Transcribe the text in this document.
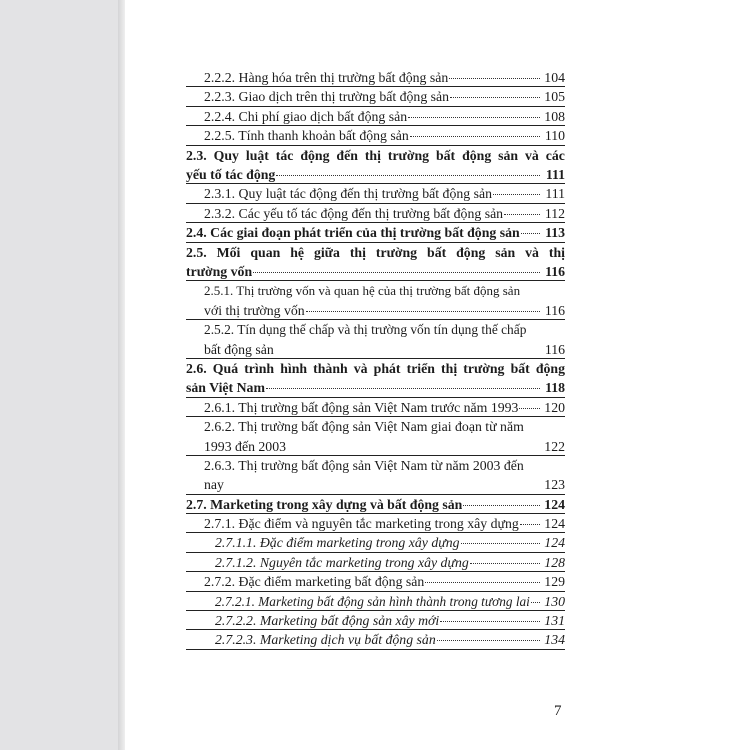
2.2.2. Hàng hóa trên thị trường bất động sản	104
2.2.3. Giao dịch trên thị trường bất động sản	105
2.2.4. Chi phí giao dịch bất động sản	108
2.2.5. Tính thanh khoản bất động sản	110
2.3. Quy luật tác động đến thị trường bất động sản và các
yếu tố tác động	111
2.3.1. Quy luật tác động đến thị trường bất động sản	111
2.3.2. Các yếu tố tác động đến thị trường bất động sản	112
2.4. Các giai đoạn phát triển của thị trường bất động sản 113
2.5. Mối quan hệ giữa thị trường bất động sản và thị
trường vốn	116
2.5.1. Thị trường vốn và quan hệ của thị trường bất động sản
với thị trường vốn	116
2.5.2. Tín dụng thế chấp và thị trường vốn tín dụng thế chấp
bất động sản	116
2.6. Quá trình hình thành và phát triển thị trường bất động
sản Việt Nam	118
2.6.1. Thị trường bất động sản Việt Nam trước năm 1993 120
2.6.2. Thị trường bất động sản Việt Nam giai đoạn từ năm
1993 đến 2003	122
2.6.3. Thị trường bất động sản Việt Nam từ năm 2003 đến
nay	123
2.7. Marketing trong xây dựng và bất động sản	124
2.7.1. Đặc điểm và nguyên tắc marketing trong xây dựng 124
2.7.1.1. Đặc điểm marketing trong xây dựng	124
2.7.1.2. Nguyên tắc marketing trong xây dựng	128
2.7.2. Đặc điểm marketing bất động sản	129
2.7.2.1. Marketing bất động sản hình thành trong tương lai 130
2.7.2.2. Marketing bất động sản xây mới	131
2.7.2.3. Marketing dịch vụ bất động sản	134
7
